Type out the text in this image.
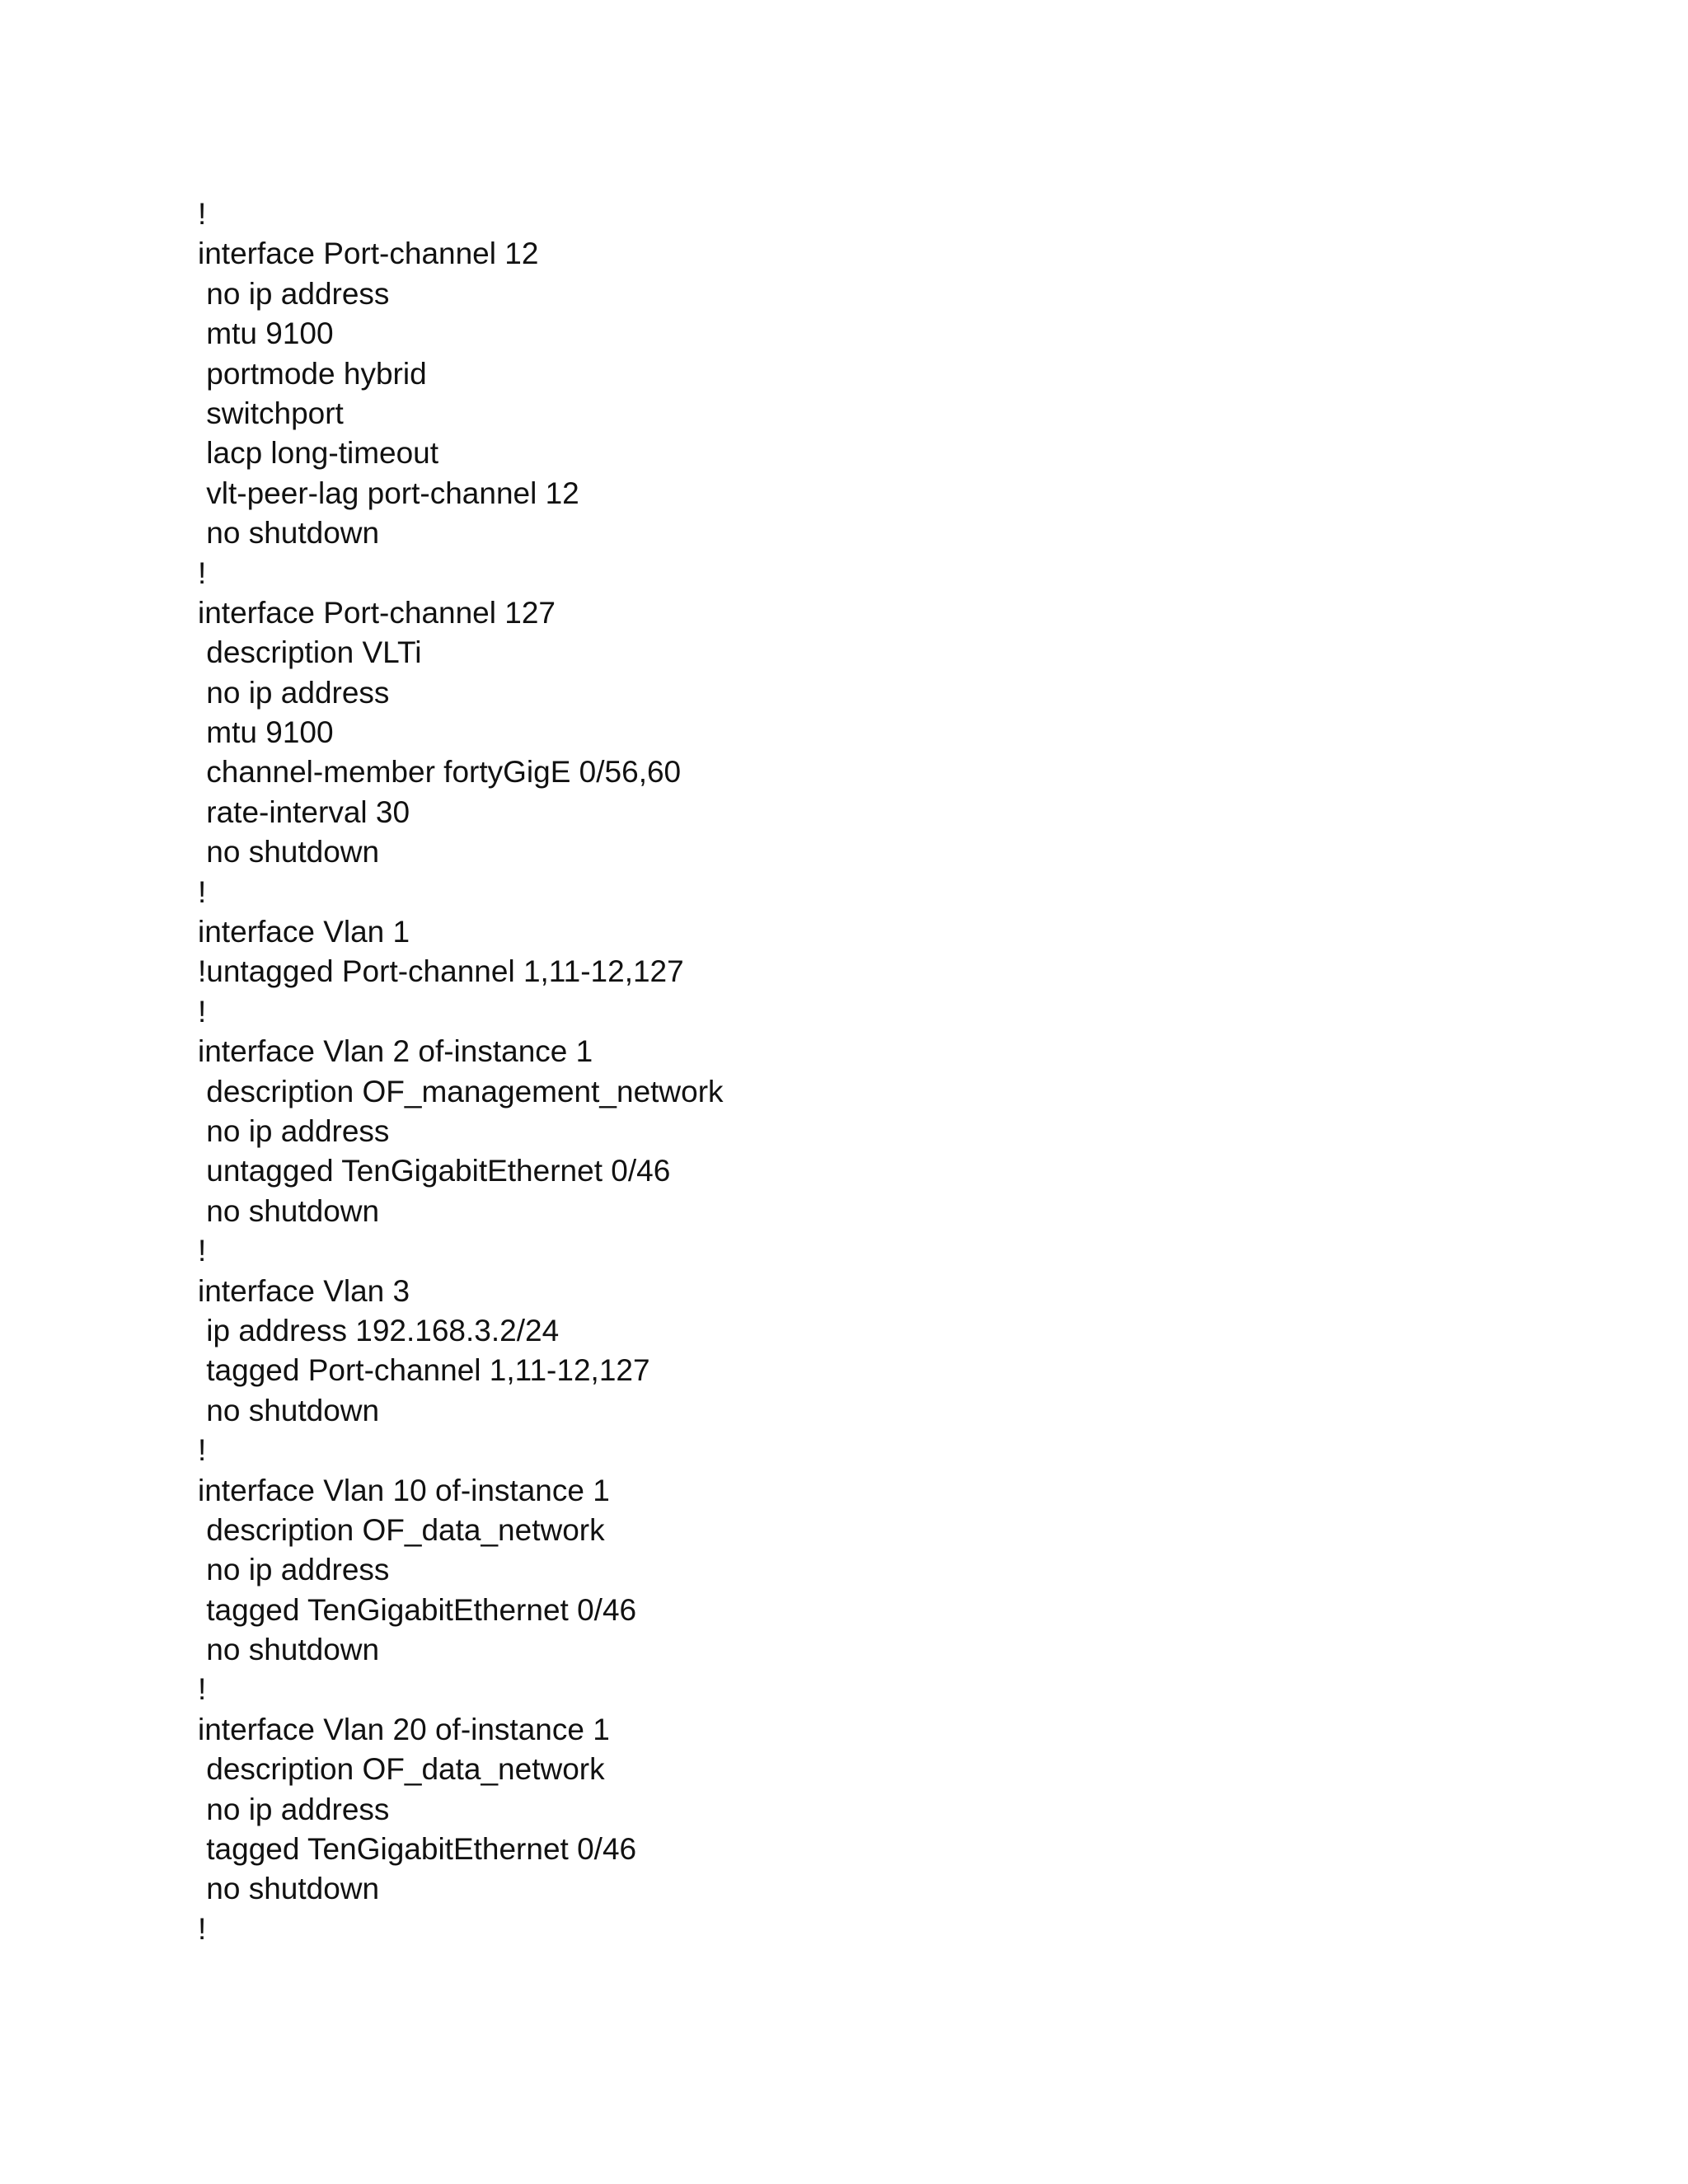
!
interface Port-channel 12
no ip address
mtu 9100
portmode hybrid
switchport
lacp long-timeout
vlt-peer-lag port-channel 12
no shutdown
!
interface Port-channel 127
description VLTi
no ip address
mtu 9100
channel-member fortyGigE 0/56,60
rate-interval 30
no shutdown
!
interface Vlan 1
!untagged Port-channel 1,11-12,127
!
interface Vlan 2 of-instance 1
description OF_management_network
no ip address
untagged TenGigabitEthernet 0/46
no shutdown
!
interface Vlan 3
ip address 192.168.3.2/24
tagged Port-channel 1,11-12,127
no shutdown
!
interface Vlan 10 of-instance 1
description OF_data_network
no ip address
tagged TenGigabitEthernet 0/46
no shutdown
!
interface Vlan 20 of-instance 1
description OF_data_network
no ip address
tagged TenGigabitEthernet 0/46
no shutdown
!
